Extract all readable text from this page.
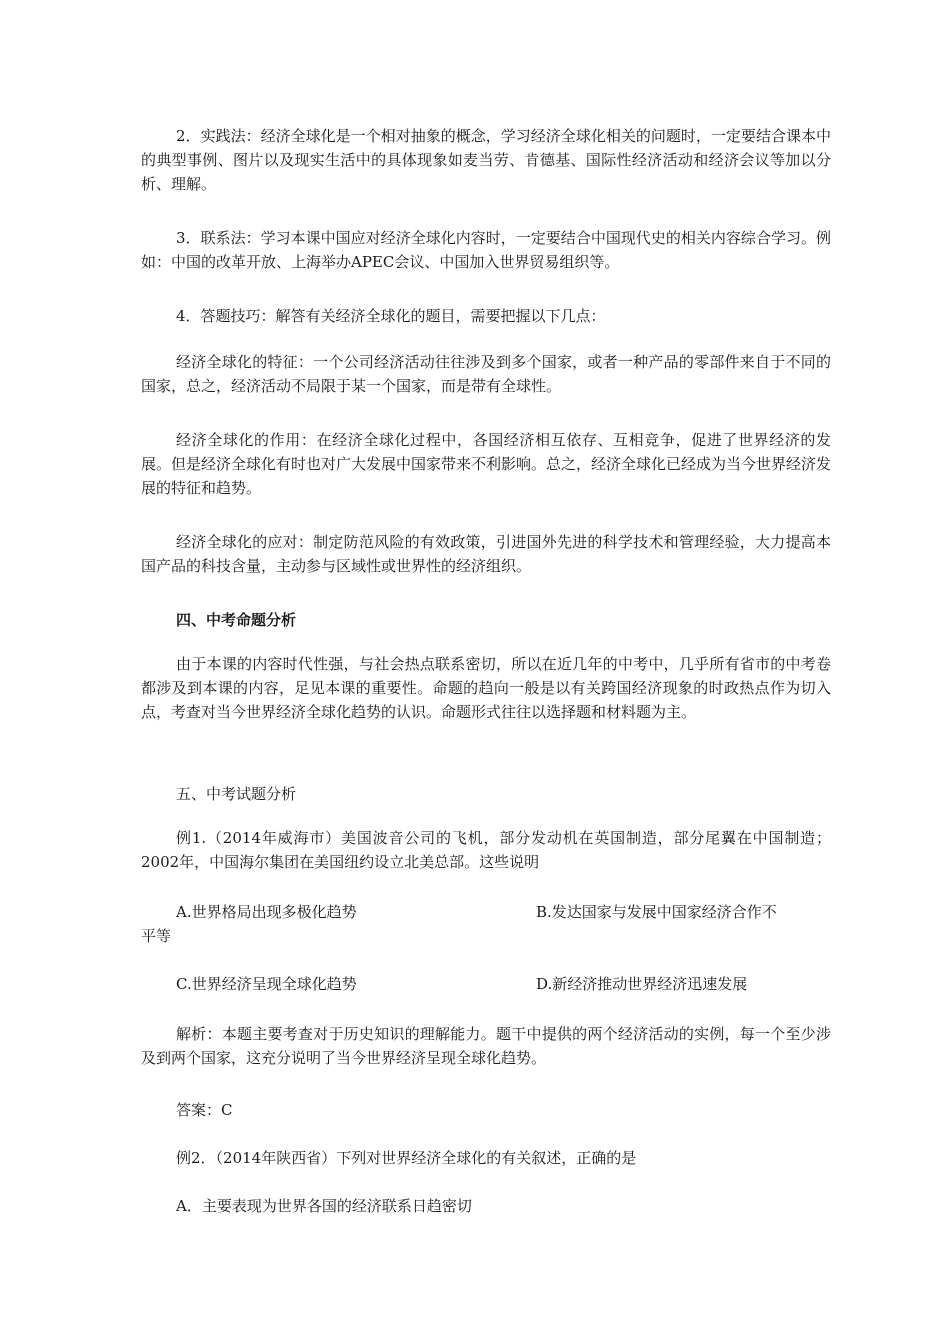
2．实践法：经济全球化是一个相对抽象的概念，学习经济全球化相关的问题时，一定要结合课本中的典型事例、图片以及现实生活中的具体现象如麦当劳、肯德基、国际性经济活动和经济会议等加以分析、理解。

3．联系法：学习本课中国应对经济全球化内容时，一定要结合中国现代史的相关内容综合学习。例如：中国的改革开放、上海举办APEC会议、中国加入世界贸易组织等。

4．答题技巧：解答有关经济全球化的题目，需要把握以下几点：

经济全球化的特征：一个公司经济活动往往涉及到多个国家，或者一种产品的零部件来自于不同的国家，总之，经济活动不局限于某一个国家，而是带有全球性。

经济全球化的作用：在经济全球化过程中，各国经济相互依存、互相竞争，促进了世界经济的发展。但是经济全球化有时也对广大发展中国家带来不利影响。总之，经济全球化已经成为当今世界经济发展的特征和趋势。

经济全球化的应对：制定防范风险的有效政策，引进国外先进的科学技术和管理经验，大力提高本国产品的科技含量，主动参与区域性或世界性的经济组织。

四、中考命题分析

由于本课的内容时代性强，与社会热点联系密切，所以在近几年的中考中，几乎所有省市的中考卷都涉及到本课的内容，足见本课的重要性。命题的趋向一般是以有关跨国经济现象的时政热点作为切入点，考查对当今世界经济全球化趋势的认识。命题形式往往以选择题和材料题为主。

五、中考试题分析

例1.（2014年威海市）美国波音公司的飞机，部分发动机在英国制造，部分尾翼在中国制造；2002年，中国海尔集团在美国纽约设立北美总部。这些说明

A.世界格局出现多极化趋势	B.发达国家与发展中国家经济合作不
平等
C.世界经济呈现全球化趋势	D.新经济推动世界经济迅速发展

解析：本题主要考查对于历史知识的理解能力。题干中提供的两个经济活动的实例，每一个至少涉及到两个国家，这充分说明了当今世界经济呈现全球化趋势。

答案：C

例2．（2014年陕西省）下列对世界经济全球化的有关叙述，正确的是

A．主要表现为世界各国的经济联系日趋密切
